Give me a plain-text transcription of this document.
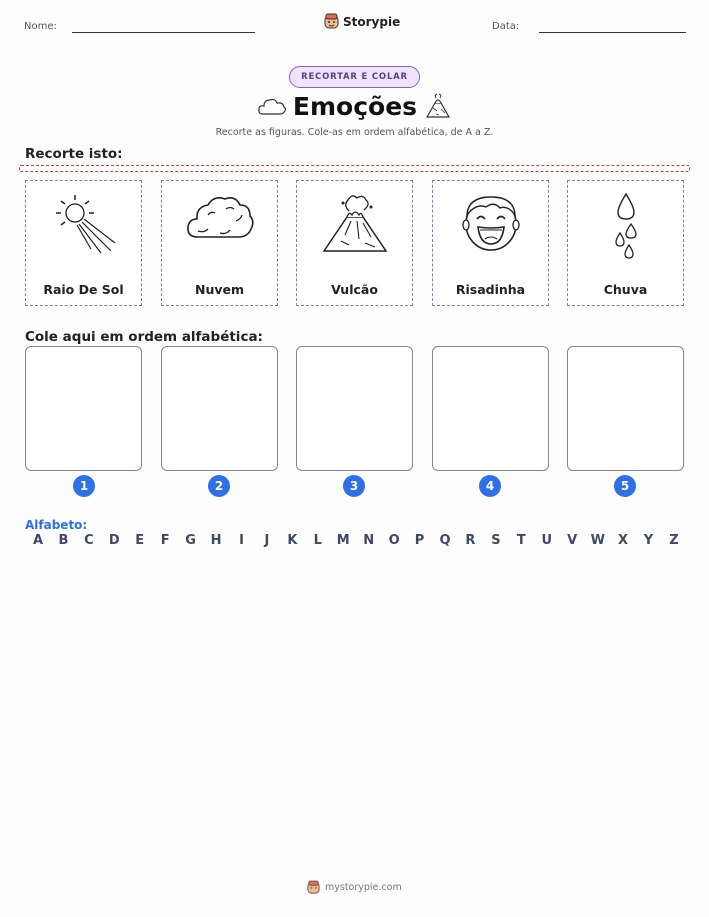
Nome:	Storypie	Data:
RECORTAR E COLAR
Emoções
Recorte as figuras. Cole-as em ordem alfabética, de A a Z.
Recorte isto:
Raio De Sol	Nuvem	Vulcão	Risadinha	Chuva
Cole aqui em ordem alfabética:
1	2	3	4	5
Alfabeto:
A B C D E F G H	I	J	K L M N O P Q R S T U V W X Y Z
mystorypie.com
